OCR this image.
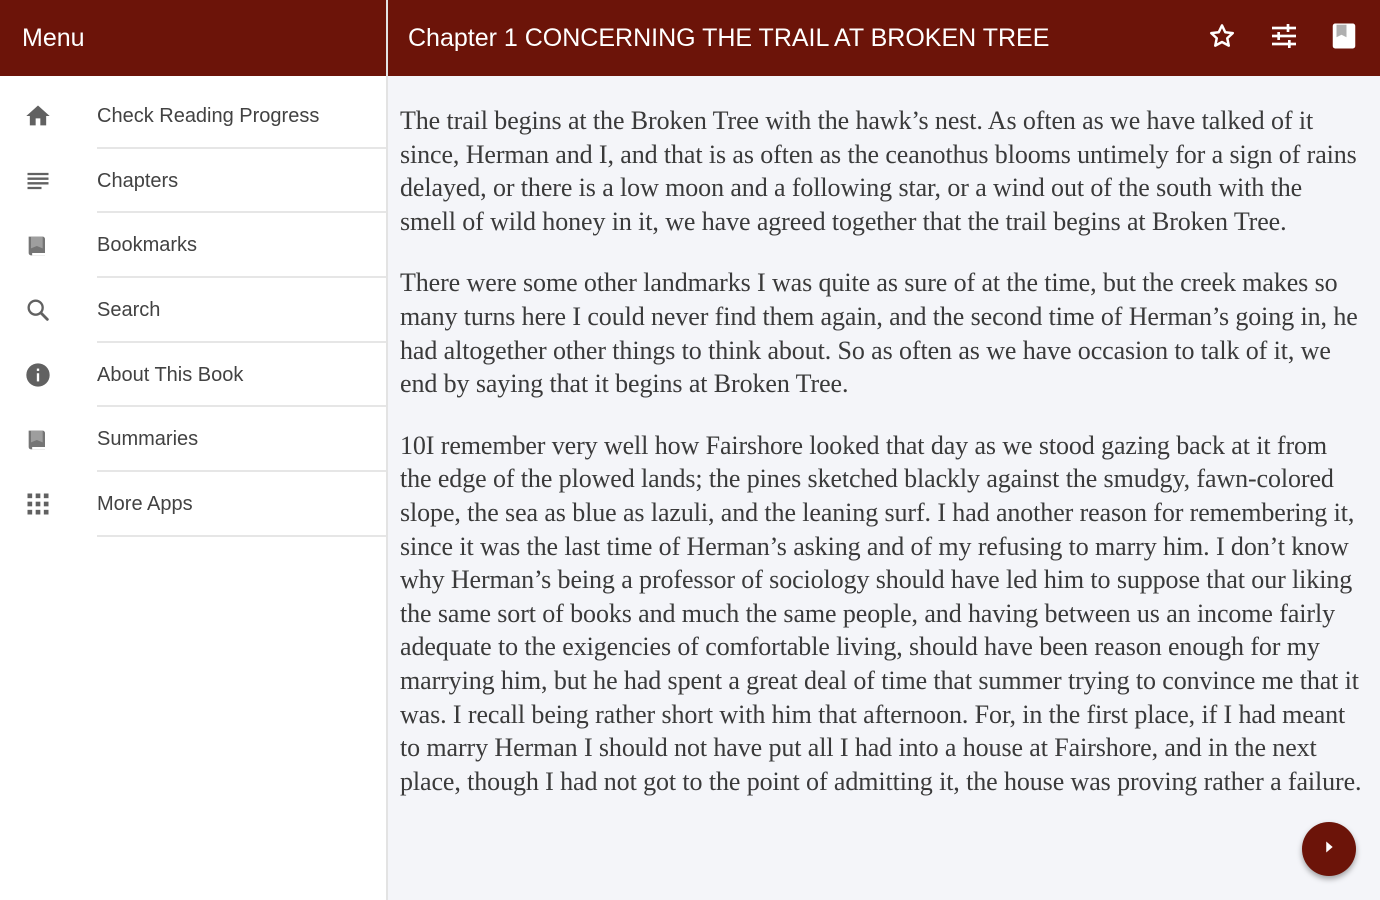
Menu
Check Reading Progress
Chapters
Bookmarks
Search
About This Book
Summaries
More Apps
Chapter 1 CONCERNING THE TRAIL AT BROKEN TREE

The trail begins at the Broken Tree with the hawk’s nest. As often as we have talked of it since, Herman and I, and that is as often as the ceanothus blooms untimely for a sign of rains delayed, or there is a low moon and a following star, or a wind out of the south with the smell of wild honey in it, we have agreed together that the trail begins at Broken Tree.

There were some other landmarks I was quite as sure of at the time, but the creek makes so many turns here I could never find them again, and the second time of Herman’s going in, he had altogether other things to think about. So as often as we have occasion to talk of it, we end by saying that it begins at Broken Tree.

10I remember very well how Fairshore looked that day as we stood gazing back at it from the edge of the plowed lands; the pines sketched blackly against the smudgy, fawn-colored slope, the sea as blue as lazuli, and the leaning surf. I had another reason for remembering it, since it was the last time of Herman’s asking and of my refusing to marry him. I don’t know why Herman’s being a professor of sociology should have led him to suppose that our liking the same sort of books and much the same people, and having between us an income fairly adequate to the exigencies of comfortable living, should have been reason enough for my marrying him, but he had spent a great deal of time that summer trying to convince me that it was. I recall being rather short with him that afternoon. For, in the first place, if I had meant to marry Herman I should not have put all I had into a house at Fairshore, and in the next place, though I had not got to the point of admitting it, the house was proving rather a failure.
